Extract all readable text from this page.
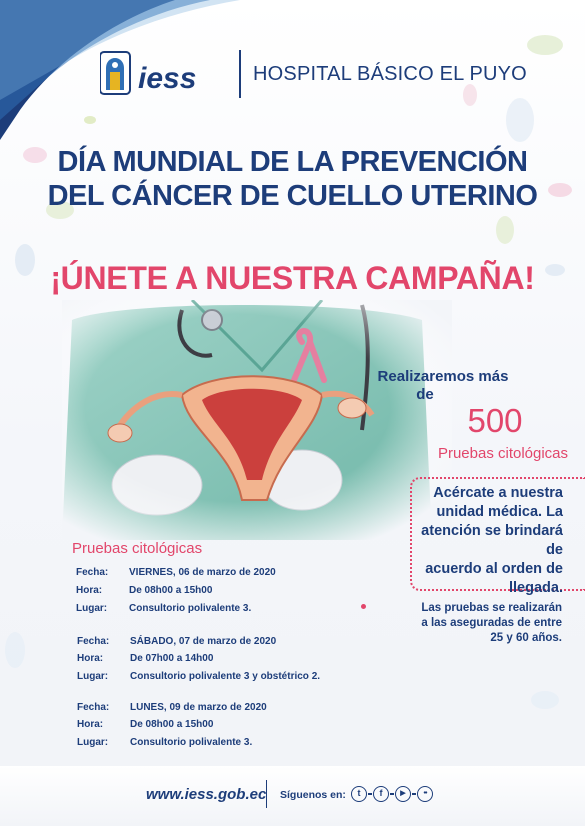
iess	HOSPITAL BÁSICO EL PUYO
DÍA MUNDIAL DE LA PREVENCIÓN
DEL CÁNCER DE CUELLO UTERINO
¡ÚNETE A NUESTRA CAMPAÑA!
Realizaremos más
de
500
Pruebas citológicas
Acércate a nuestra
unidad médica. La
atención se brindará de
acuerdo al orden de
llegada.
Las pruebas se realizarán
a las aseguradas de entre
25 y 60 años.
Pruebas citológicas
Fecha: VIERNES, 06 de marzo de 2020
Hora:	De 08h00 a 15h00
Lugar: Consultorio polivalente 3.
Fecha: SÁBADO, 07 de marzo de 2020
Hora:	De 07h00 a 14h00
Lugar: Consultorio polivalente 3 y obstétrico 2.
Fecha: LUNES, 09 de marzo de 2020
Hora:	De 08h00 a 15h00
Lugar: Consultorio polivalente 3.
www.iess.gob.ec Síguenos en:	t	f	▶	••
